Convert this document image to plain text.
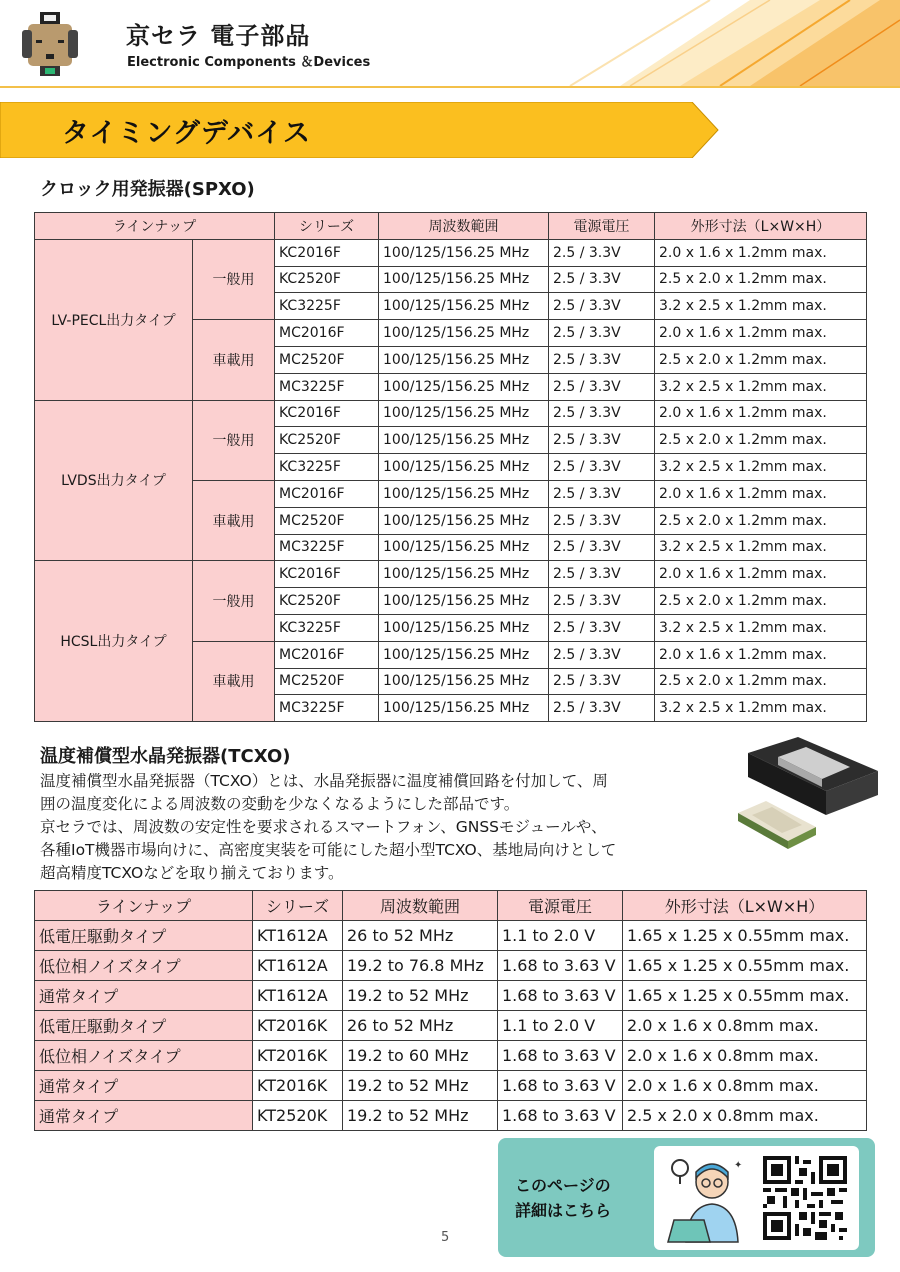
京セラ 電子部品
Electronic Components ＆Devices
タイミングデバイス
クロック用発振器(SPXO)
ラインナップ		シリーズ	周波数範囲	電源電圧	外形寸法（L×W×H）
LV-PECL出力タイプ	一般用	KC2016F	100/125/156.25 MHz	2.5 / 3.3V	2.0 x 1.6 x 1.2mm max.
		KC2520F	100/125/156.25 MHz	2.5 / 3.3V	2.5 x 2.0 x 1.2mm max.
		KC3225F	100/125/156.25 MHz	2.5 / 3.3V	3.2 x 2.5 x 1.2mm max.
	車載用	MC2016F	100/125/156.25 MHz	2.5 / 3.3V	2.0 x 1.6 x 1.2mm max.
		MC2520F	100/125/156.25 MHz	2.5 / 3.3V	2.5 x 2.0 x 1.2mm max.
		MC3225F	100/125/156.25 MHz	2.5 / 3.3V	3.2 x 2.5 x 1.2mm max.
LVDS出力タイプ	一般用	KC2016F	100/125/156.25 MHz	2.5 / 3.3V	2.0 x 1.6 x 1.2mm max.
		KC2520F	100/125/156.25 MHz	2.5 / 3.3V	2.5 x 2.0 x 1.2mm max.
		KC3225F	100/125/156.25 MHz	2.5 / 3.3V	3.2 x 2.5 x 1.2mm max.
	車載用	MC2016F	100/125/156.25 MHz	2.5 / 3.3V	2.0 x 1.6 x 1.2mm max.
		MC2520F	100/125/156.25 MHz	2.5 / 3.3V	2.5 x 2.0 x 1.2mm max.
		MC3225F	100/125/156.25 MHz	2.5 / 3.3V	3.2 x 2.5 x 1.2mm max.
HCSL出力タイプ	一般用	KC2016F	100/125/156.25 MHz	2.5 / 3.3V	2.0 x 1.6 x 1.2mm max.
		KC2520F	100/125/156.25 MHz	2.5 / 3.3V	2.5 x 2.0 x 1.2mm max.
		KC3225F	100/125/156.25 MHz	2.5 / 3.3V	3.2 x 2.5 x 1.2mm max.
	車載用	MC2016F	100/125/156.25 MHz	2.5 / 3.3V	2.0 x 1.6 x 1.2mm max.
		MC2520F	100/125/156.25 MHz	2.5 / 3.3V	2.5 x 2.0 x 1.2mm max.
		MC3225F	100/125/156.25 MHz	2.5 / 3.3V	3.2 x 2.5 x 1.2mm max.
温度補償型水晶発振器(TCXO)
温度補償型水晶発振器（TCXO）とは、水晶発振器に温度補償回路を付加して、周
囲の温度変化による周波数の変動を少なくなるようにした部品です。
京セラでは、周波数の安定性を要求されるスマートフォン、GNSSモジュールや、
各種IoT機器市場向けに、高密度実装を可能にした超小型TCXO、基地局向けとして
超高精度TCXOなどを取り揃えております。
ラインナップ	シリーズ	周波数範囲	電源電圧	外形寸法（L×W×H）
低電圧駆動タイプ	KT1612A	26 to 52 MHz	1.1 to 2.0 V	1.65 x 1.25 x 0.55mm max.
低位相ノイズタイプ	KT1612A	19.2 to 76.8 MHz	1.68 to 3.63 V	1.65 x 1.25 x 0.55mm max.
通常タイプ	KT1612A	19.2 to 52 MHz	1.68 to 3.63 V	1.65 x 1.25 x 0.55mm max.
低電圧駆動タイプ	KT2016K	26 to 52 MHz	1.1 to 2.0 V	2.0 x 1.6 x 0.8mm max.
低位相ノイズタイプ	KT2016K	19.2 to 60 MHz	1.68 to 3.63 V	2.0 x 1.6 x 0.8mm max.
通常タイプ	KT2016K	19.2 to 52 MHz	1.68 to 3.63 V	2.0 x 1.6 x 0.8mm max.
通常タイプ	KT2520K	19.2 to 52 MHz	1.68 to 3.63 V	2.5 x 2.0 x 0.8mm max.
このページの
詳細はこちら
✦
5
